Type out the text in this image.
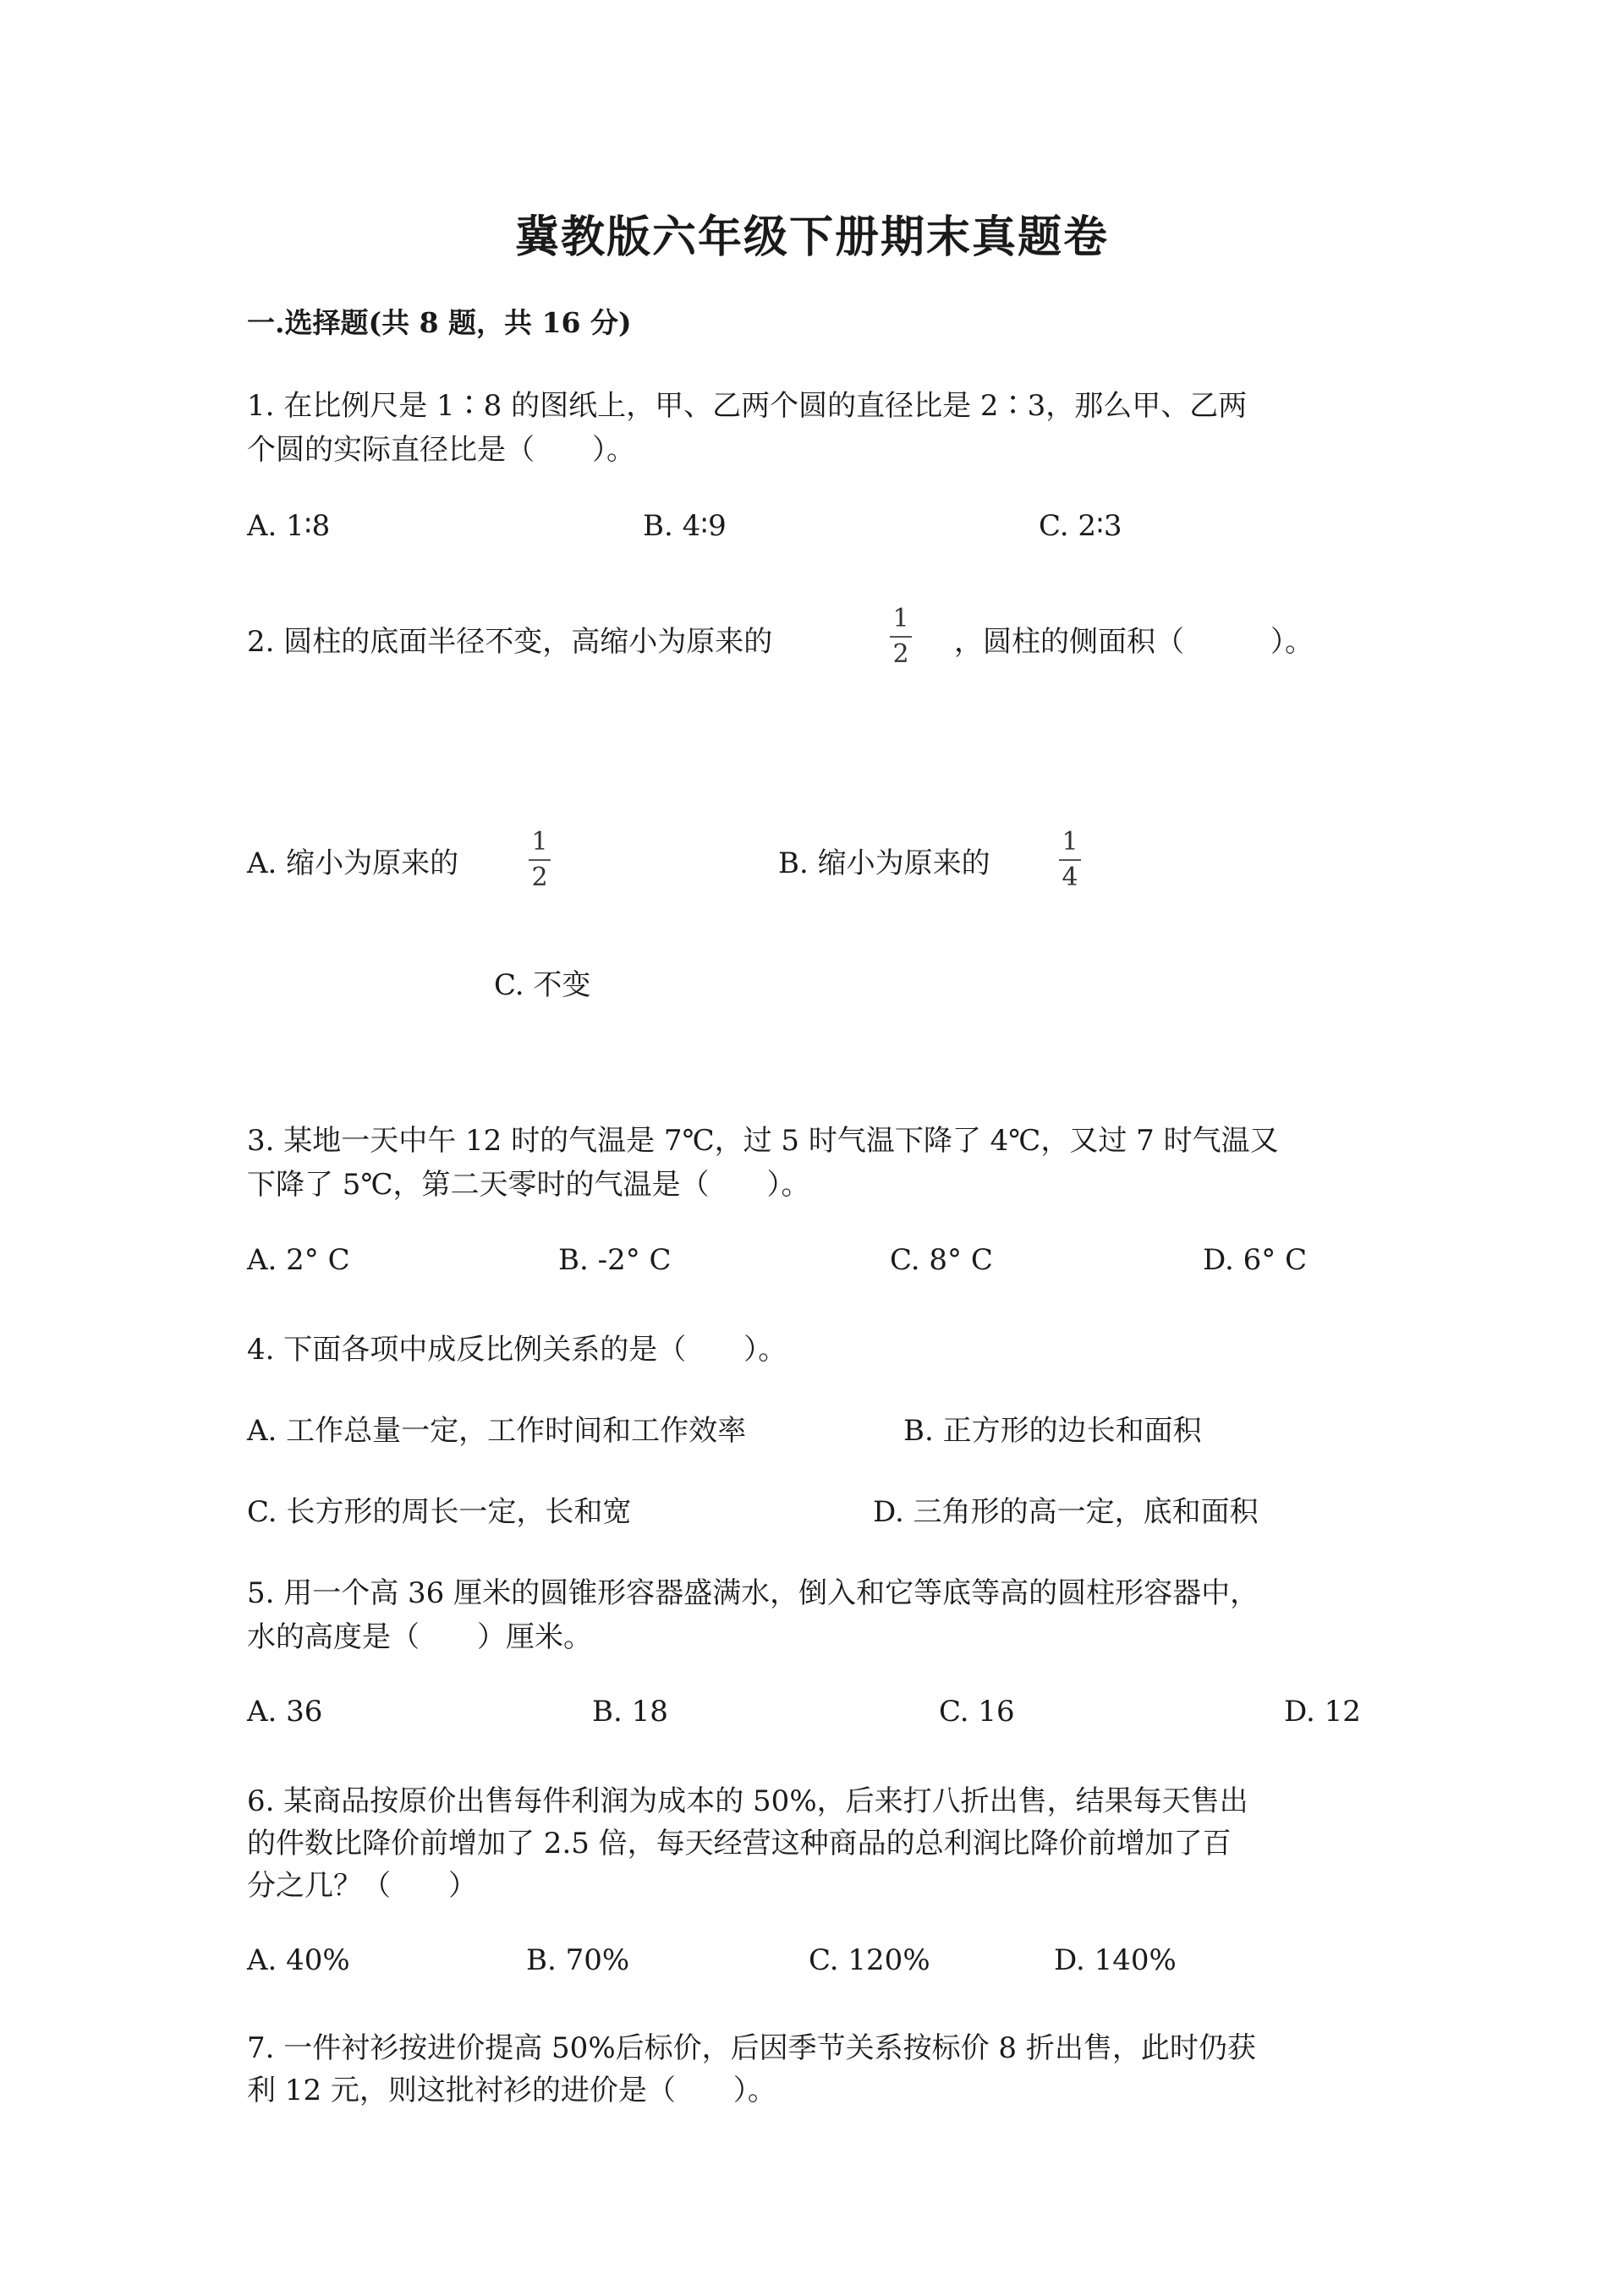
冀教版六年级下册期末真题卷
一.选择题(共 8 题，共 16 分)
1. 在比例尺是 1∶8 的图纸上，甲、乙两个圆的直径比是 2∶3，那么甲、乙两
个圆的实际直径比是（　　）。
A. 1∶8	B. 4∶9	C. 2∶3
2. 圆柱的底面半径不变，高缩小为原来的
1
2 ，圆柱的侧面积（　　　）。
A. 缩小为原来的
1
2	B. 缩小为原来的
1
4
C. 不变
3. 某地一天中午 12 时的气温是 7℃，过 5 时气温下降了 4℃，又过 7 时气温又
下降了 5℃，第二天零时的气温是（　　）。
A. 2° C	B. -2° C	C. 8° C	D. 6° C
4. 下面各项中成反比例关系的是（　　）。
A. 工作总量一定，工作时间和工作效率	B. 正方形的边长和面积
C. 长方形的周长一定，长和宽	D. 三角形的高一定，底和面积
5. 用一个高 36 厘米的圆锥形容器盛满水，倒入和它等底等高的圆柱形容器中，
水的高度是（　　）厘米。
A. 36	B. 18	C. 16	D. 12
6. 某商品按原价出售每件利润为成本的 50%，后来打八折出售，结果每天售出
的件数比降价前增加了 2.5 倍，每天经营这种商品的总利润比降价前增加了百
分之几？（　　）
A. 40%	B. 70%	C. 120%	D. 140%
7. 一件衬衫按进价提高 50%后标价，后因季节关系按标价 8 折出售，此时仍获
利 12 元，则这批衬衫的进价是（　　）。
